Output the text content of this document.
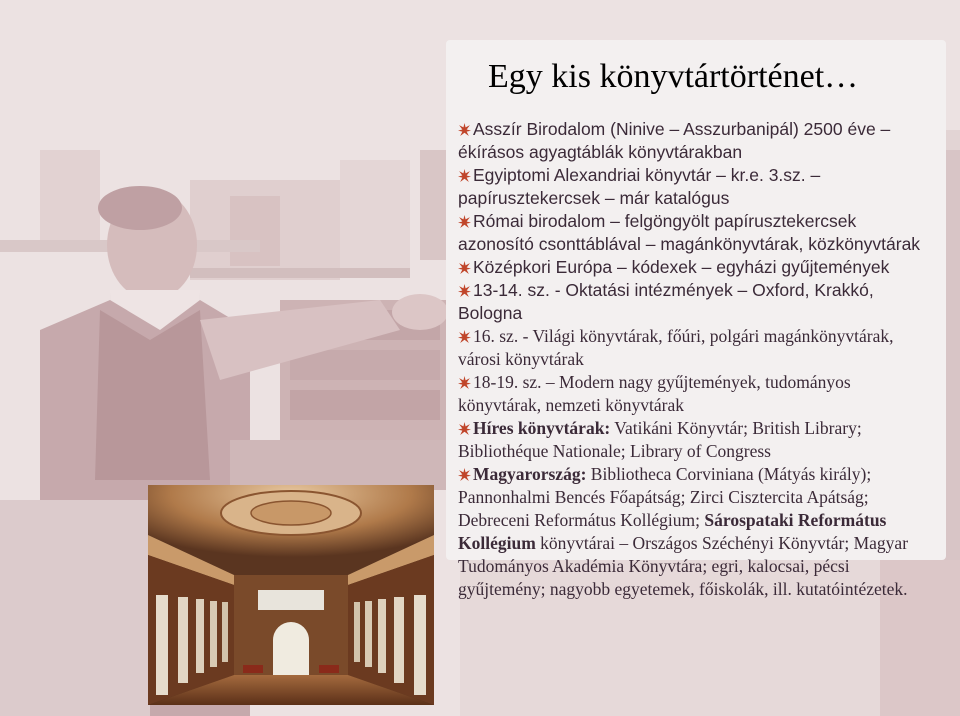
Egy kis könyvtártörténet…
Asszír Birodalom (Ninive – Asszurbanipál) 2500 éve – ékírásos agyagtáblák könyvtárakban
Egyiptomi Alexandriai könyvtár – kr.e. 3.sz. – papírusztekercsek – már katalógus
Római birodalom – felgöngyölt papírusztekercsek azonosító csonttáblával – magánkönyvtárak, közkönyvtárak
Középkori Európa – kódexek – egyházi gyűjtemények
13-14. sz. - Oktatási intézmények – Oxford, Krakkó, Bologna
16. sz. - Világi könyvtárak, főúri, polgári magánkönyvtárak, városi könyvtárak
18-19. sz. – Modern nagy gyűjtemények, tudományos könyvtárak, nemzeti könyvtárak
Híres könyvtárak: Vatikáni Könyvtár; British Library; Bibliothéque Nationale; Library of Congress
Magyarország: Bibliotheca Corviniana (Mátyás király); Pannonhalmi Bencés Főapátság; Zirci Cisztercita Apátság; Debreceni Református Kollégium; Sárospataki Református Kollégium könyvtárai – Országos Széchényi Könyvtár; Magyar Tudományos Akadémia Könyvtára; egri, kalocsai, pécsi gyűjtemény; nagyobb egyetemek, főiskolák, ill. kutatóintézetek.
